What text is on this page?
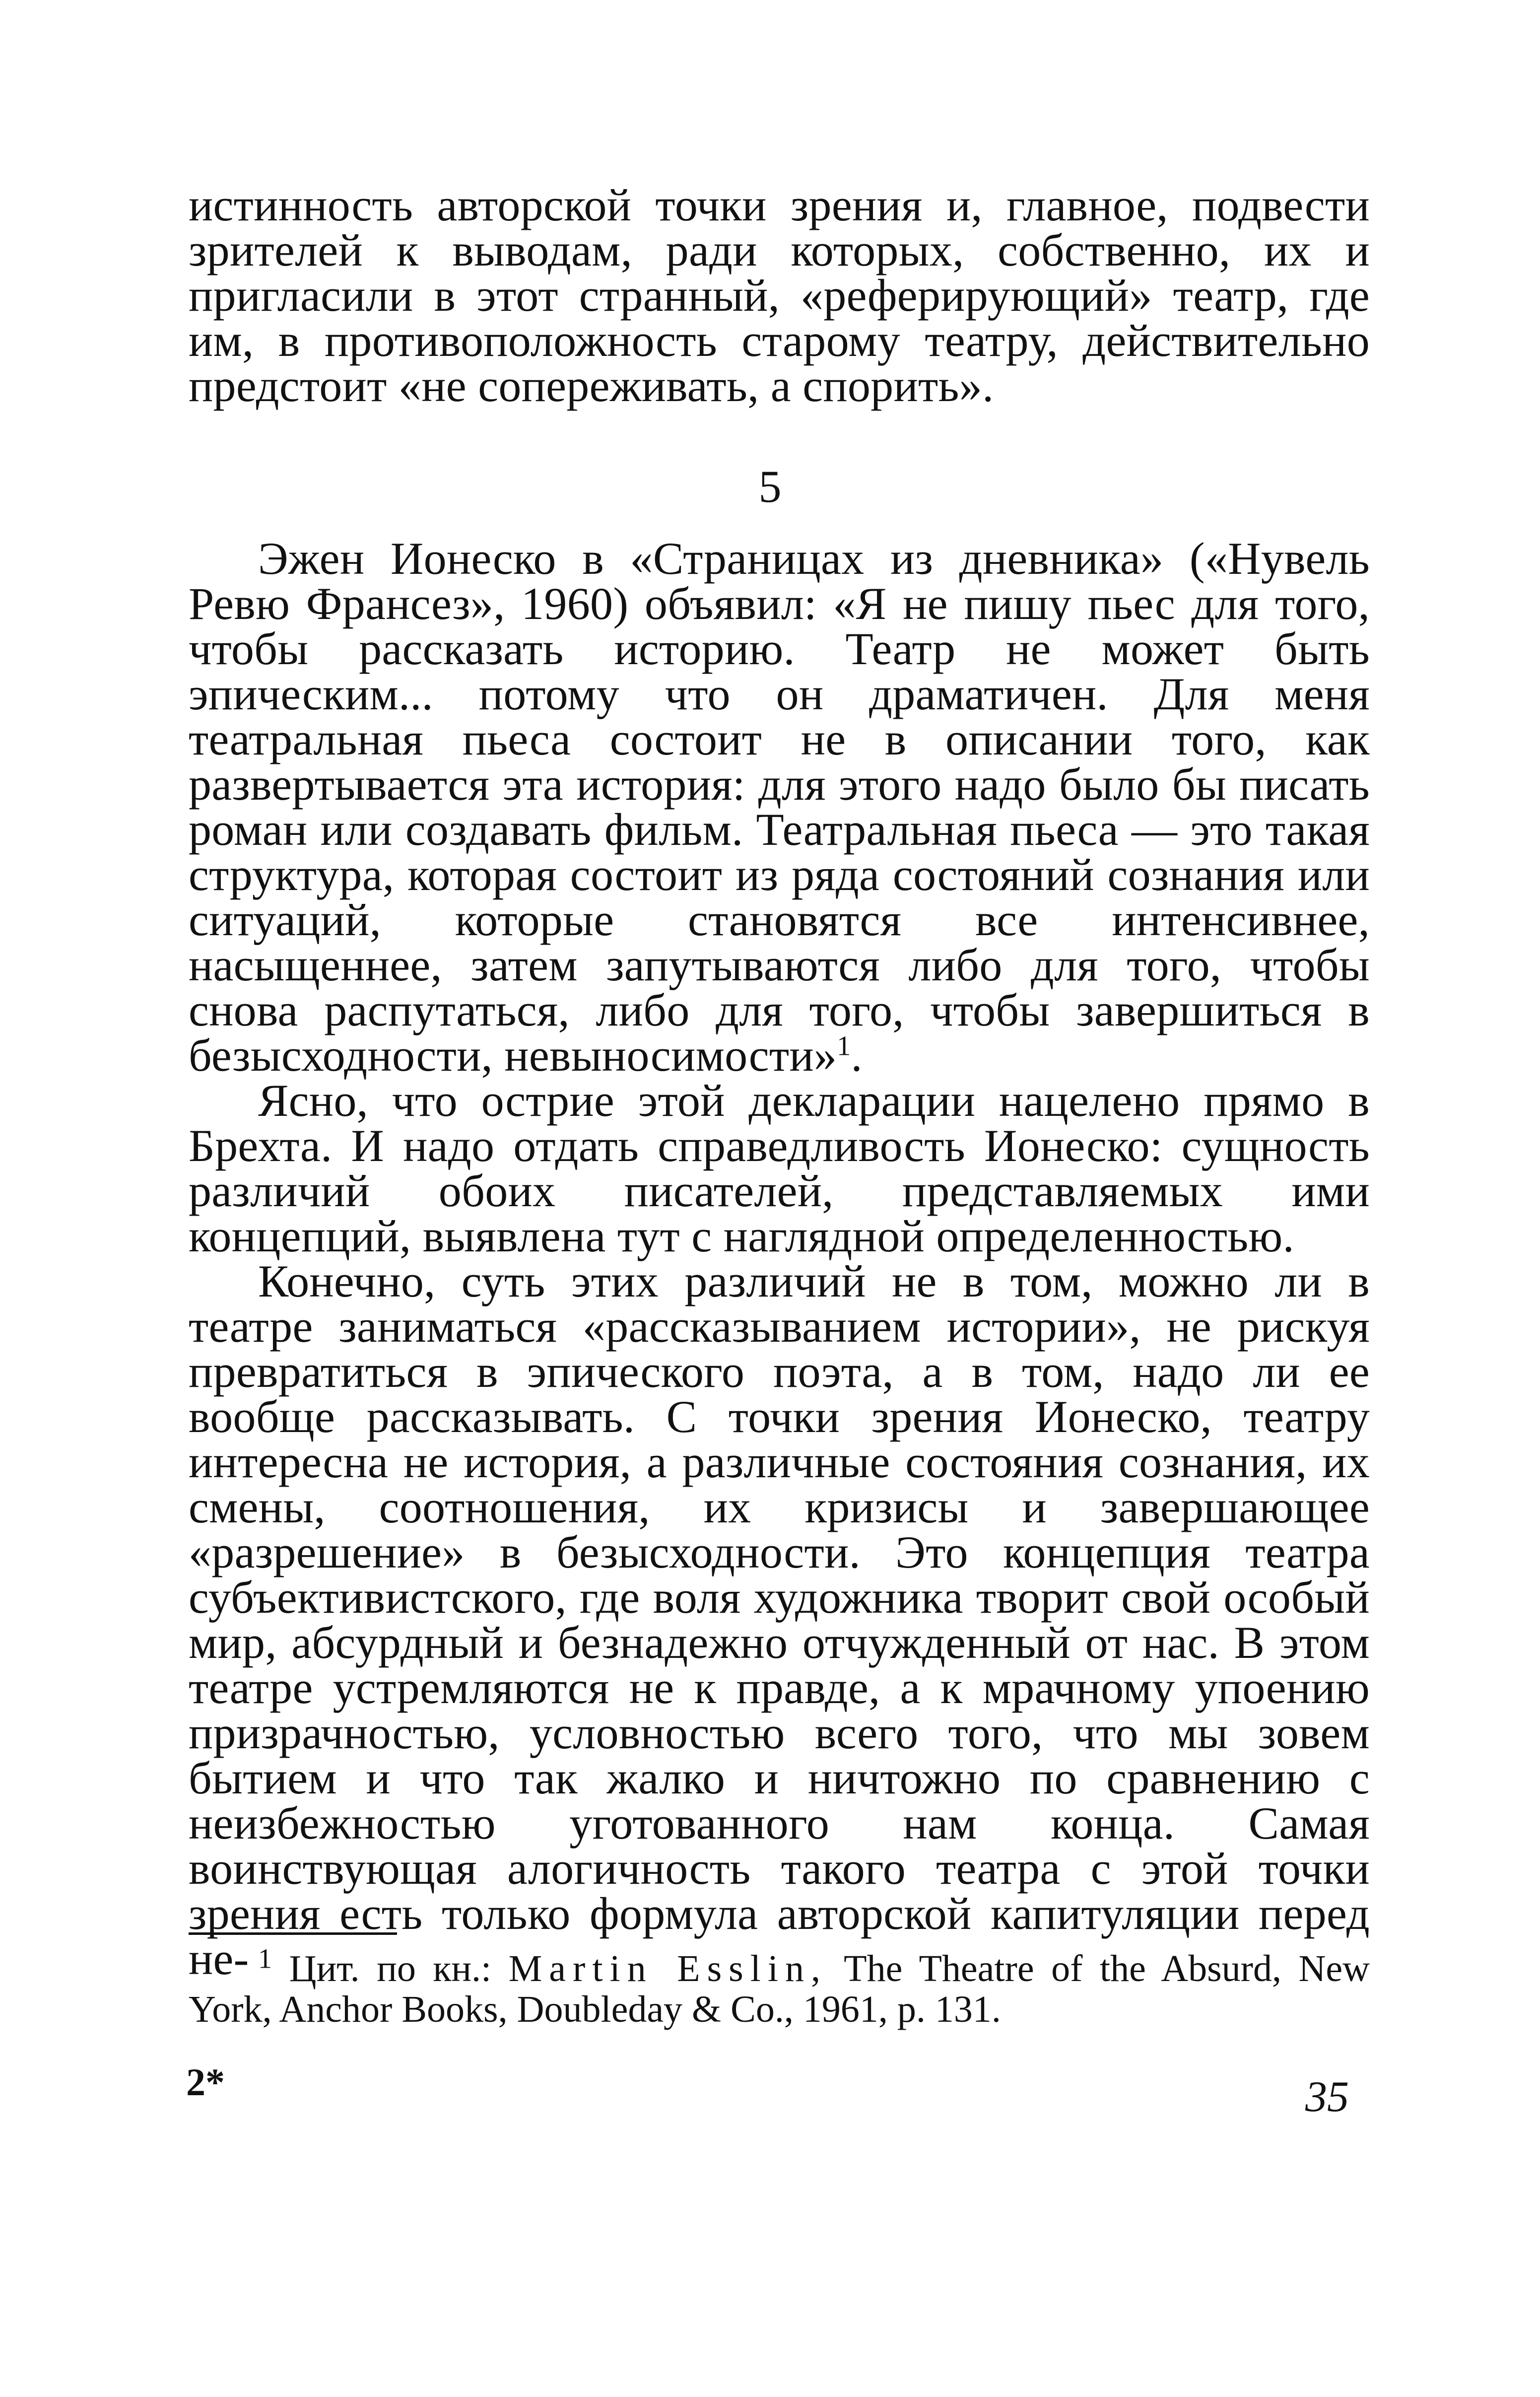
истинность авторской точки зрения и, главное, подвести зрителей к выводам, ради которых, собственно, их и пригласили в этот странный, «реферирующий» театр, где им, в противоположность старому театру, действительно предстоит «не сопереживать, а спорить».

5

Эжен Ионеско в «Страницах из дневника» («Нувель Ревю Франсез», 1960) объявил: «Я не пишу пьес для того, чтобы рассказать историю. Театр не может быть эпическим... потому что он драматичен. Для меня театральная пьеса состоит не в описании того, как развертывается эта история: для этого надо было бы писать роман или создавать фильм. Театральная пьеса — это такая структура, которая состоит из ряда состояний сознания или ситуаций, которые становятся все интенсивнее, насыщеннее, затем запутываются либо для того, чтобы снова распутаться, либо для того, чтобы завершиться в безысходности, невыносимости»$^1$.

Ясно, что острие этой декларации нацелено прямо в Брехта. И надо отдать справедливость Ионеско: сущность различий обоих писателей, представляемых ими концепций, выявлена тут с наглядной определенностью.

Конечно, суть этих различий не в том, можно ли в театре заниматься «рассказыванием истории», не рискуя превратиться в эпического поэта, а в том, надо ли ее вообще рассказывать. С точки зрения Ионеско, театру интересна не история, а различные состояния сознания, их смены, соотношения, их кризисы и завершающее «разрешение» в безысходности. Это концепция театра субъективистского, где воля художника творит свой особый мир, абсурдный и безнадежно отчужденный от нас. В этом театре устремляются не к правде, а к мрачному упоению призрачностью, условностью всего того, что мы зовем бытием и что так жалко и ничтожно по сравнению с неизбежностью уготованного нам конца. Самая воинствующая алогичность такого театра с этой точки зрения есть только формула авторской капитуляции перед не- $^1$ Цит. по кн.: Martin Esslin, The Theatre of the Absurd, New York, Anchor Books, Doubleday & Co., 1961, p. 131.
2*	35
